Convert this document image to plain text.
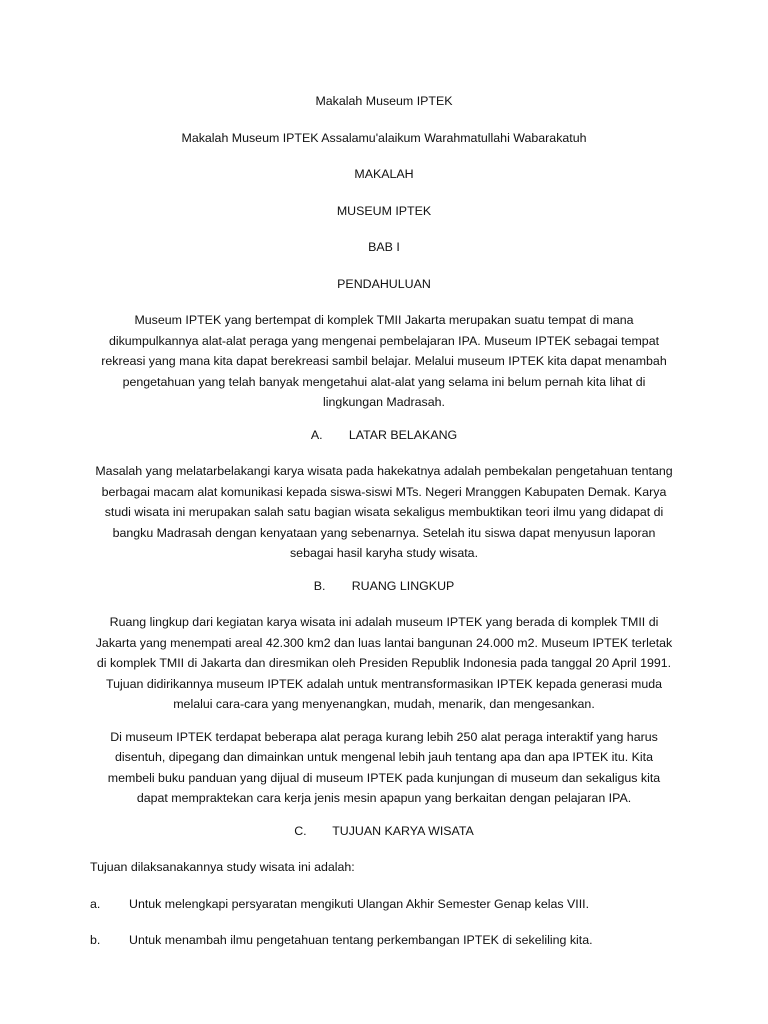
Makalah Museum IPTEK

Makalah Museum IPTEK Assalamu'alaikum Warahmatullahi Wabarakatuh

MAKALAH

MUSEUM IPTEK

BAB I

PENDAHULUAN

Museum IPTEK yang bertempat di komplek TMII Jakarta merupakan suatu tempat di mana
dikumpulkannya alat-alat peraga yang mengenai pembelajaran IPA. Museum IPTEK sebagai tempat
rekreasi yang mana kita dapat berekreasi sambil belajar. Melalui museum IPTEK kita dapat menambah
pengetahuan yang telah banyak mengetahui alat-alat yang selama ini belum pernah kita lihat di
lingkungan Madrasah.

A. LATAR BELAKANG

Masalah yang melatarbelakangi karya wisata pada hakekatnya adalah pembekalan pengetahuan tentang
berbagai macam alat komunikasi kepada siswa-siswi MTs. Negeri Mranggen Kabupaten Demak. Karya
studi wisata ini merupakan salah satu bagian wisata sekaligus membuktikan teori ilmu yang didapat di
bangku Madrasah dengan kenyataan yang sebenarnya. Setelah itu siswa dapat menyusun laporan
sebagai hasil karyha study wisata.

B. RUANG LINGKUP

Ruang lingkup dari kegiatan karya wisata ini adalah museum IPTEK yang berada di komplek TMII di
Jakarta yang menempati areal 42.300 km2 dan luas lantai bangunan 24.000 m2. Museum IPTEK terletak
di komplek TMII di Jakarta dan diresmikan oleh Presiden Republik Indonesia pada tanggal 20 April 1991.
Tujuan didirikannya museum IPTEK adalah untuk mentransformasikan IPTEK kepada generasi muda
melalui cara-cara yang menyenangkan, mudah, menarik, dan mengesankan.
Di museum IPTEK terdapat beberapa alat peraga kurang lebih 250 alat peraga interaktif yang harus
disentuh, dipegang dan dimainkan untuk mengenal lebih jauh tentang apa dan apa IPTEK itu. Kita
membeli buku panduan yang dijual di museum IPTEK pada kunjungan di museum dan sekaligus kita
dapat mempraktekan cara kerja jenis mesin apapun yang berkaitan dengan pelajaran IPA.

C. TUJUAN KARYA WISATA

Tujuan dilaksanakannya study wisata ini adalah:

a.	Untuk melengkapi persyaratan mengikuti Ulangan Akhir Semester Genap kelas VIII.
b.	Untuk menambah ilmu pengetahuan tentang perkembangan IPTEK di sekeliling kita.
